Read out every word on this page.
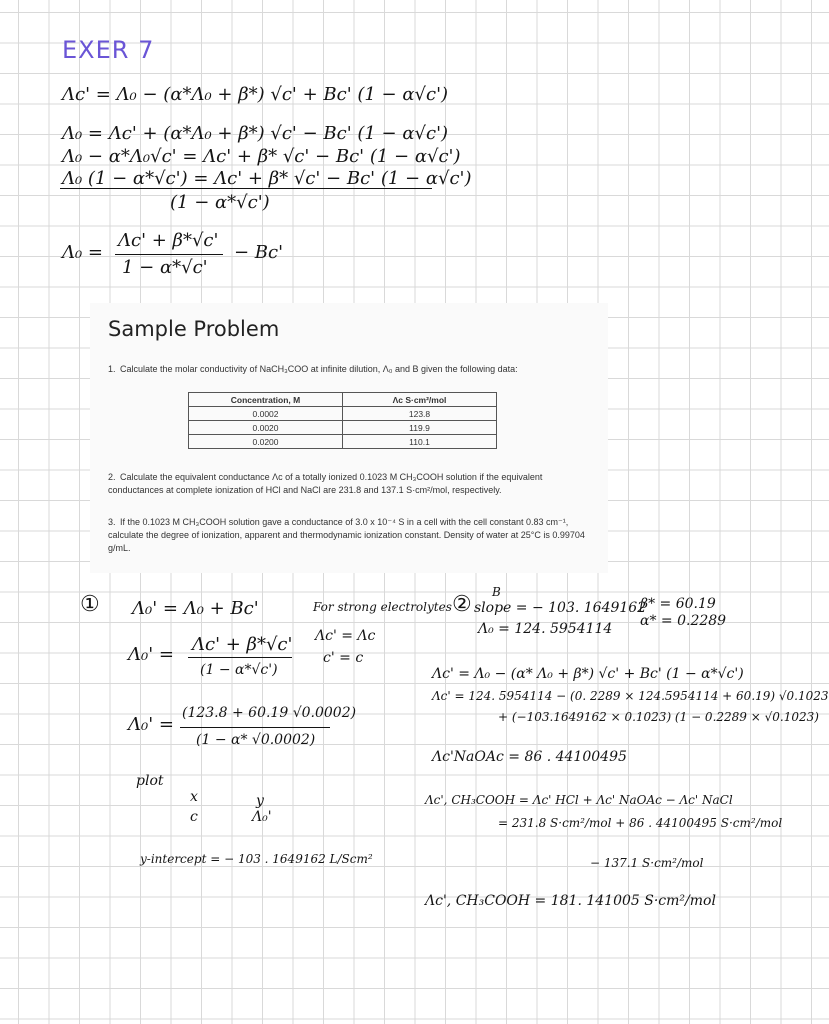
EXER 7
Λc' = Λ₀ − (α*Λ₀ + β*) √c' + Bc' (1 − α√c')
Λ₀ = Λc' + (α*Λ₀ + β*) √c' − Bc' (1 − α√c')
Λ₀ − α*Λ₀√c' = Λc' + β* √c' − Bc' (1 − α√c')
Λ₀ (1 − α*√c') = Λc' + β* √c' − Bc' (1 − α√c')
(1 − α*√c')
Λ₀ =
Λc' + β*√c'
1 − α*√c'
− Bc'
Sample Problem
1. Calculate the molar conductivity of NaCH₃COO at infinite dilution, Λ₀ and B given the following data:
Concentration, M	Λc S·cm²/mol
0.0002	123.8
0.0020	119.9
0.0200	110.1
2. Calculate the equivalent conductance Λc of a totally ionized 0.1023 M CH₃COOH solution if the equivalent conductances at complete ionization of HCl and NaCl are 231.8 and 137.1 S·cm²/mol, respectively.
3. If the 0.1023 M CH₃COOH solution gave a conductance of 3.0 x 10⁻⁴ S in a cell with the cell constant 0.83 cm⁻¹, calculate the degree of ionization, apparent and thermodynamic ionization constant. Density of water at 25°C is 0.99704 g/mL.
① Λ₀' = Λ₀ + Bc'
Λ₀' = Λc' + β*√c'
(1 − α*√c')
Λ₀' =
(123.8 + 60.19 √0.0002)
(1 − α* √0.0002)
plot
x
c
y
Λ₀'
y-intercept = − 103 . 1649162 L/Scm²
For strong electrolytes
Λc' = Λc
c' = c
② B
slope = − 103. 1649162
Λ₀ = 124. 5954114
β* = 60.19
α* = 0.2289
Λc' = Λ₀ − (α* Λ₀ + β*) √c' + Bc' (1 − α*√c')
Λc' = 124. 5954114 − (0. 2289 × 124.5954114 + 60.19) √0.1023
+ (−103.1649162 × 0.1023) (1 − 0.2289 × √0.1023)
Λc'NaOAc = 86 . 44100495
Λc', CH₃COOH = Λc' HCl + Λc' NaOAc − Λc' NaCl
= 231.8 S·cm²/mol + 86 . 44100495 S·cm²/mol
− 137.1 S·cm²/mol
Λc', CH₃COOH = 181. 141005 S·cm²/mol
